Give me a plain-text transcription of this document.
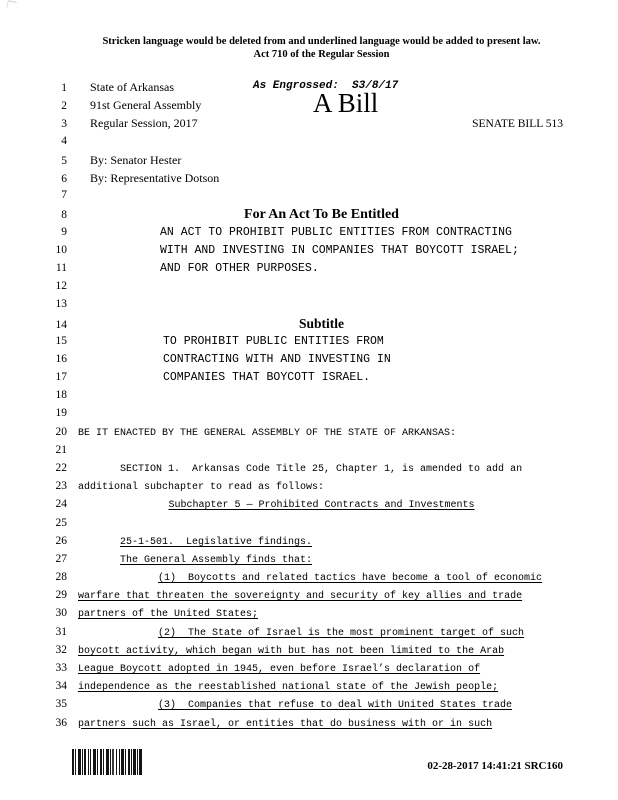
Stricken language would be deleted from and underlined language would be added to present law.
Act 710 of the Regular Session
As Engrossed:  S3/8/17
A Bill
SENATE BILL 513
1	State of Arkansas
2	91st General Assembly
3	Regular Session, 2017
4
5	By: Senator Hester
6	By: Representative Dotson
7
8	For An Act To Be Entitled
9	AN ACT TO PROHIBIT PUBLIC ENTITIES FROM CONTRACTING
10	WITH AND INVESTING IN COMPANIES THAT BOYCOTT ISRAEL;
11	AND FOR OTHER PURPOSES.
12
13
14	Subtitle
15	TO PROHIBIT PUBLIC ENTITIES FROM
16	CONTRACTING WITH AND INVESTING IN
17	COMPANIES THAT BOYCOTT ISRAEL.
18
19
20 BE IT ENACTED BY THE GENERAL ASSEMBLY OF THE STATE OF ARKANSAS:
21
22	SECTION 1.  Arkansas Code Title 25, Chapter 1, is amended to add an
23 additional subchapter to read as follows:
24	Subchapter 5 — Prohibited Contracts and Investments
25
26	25-1-501.  Legislative findings.
27	The General Assembly finds that:
28	(1)  Boycotts and related tactics have become a tool of economic
29 warfare that threaten the sovereignty and security of key allies and trade
30 partners of the United States;
31	(2)  The State of Israel is the most prominent target of such
32 boycott activity, which began with but has not been limited to the Arab
33 League Boycott adopted in 1945, even before Israel’s declaration of
34 independence as the reestablished national state of the Jewish people;
35	(3)  Companies that refuse to deal with United States trade
36 partners such as Israel, or entities that do business with or in such
02-28-2017 14:41:21 SRC160
